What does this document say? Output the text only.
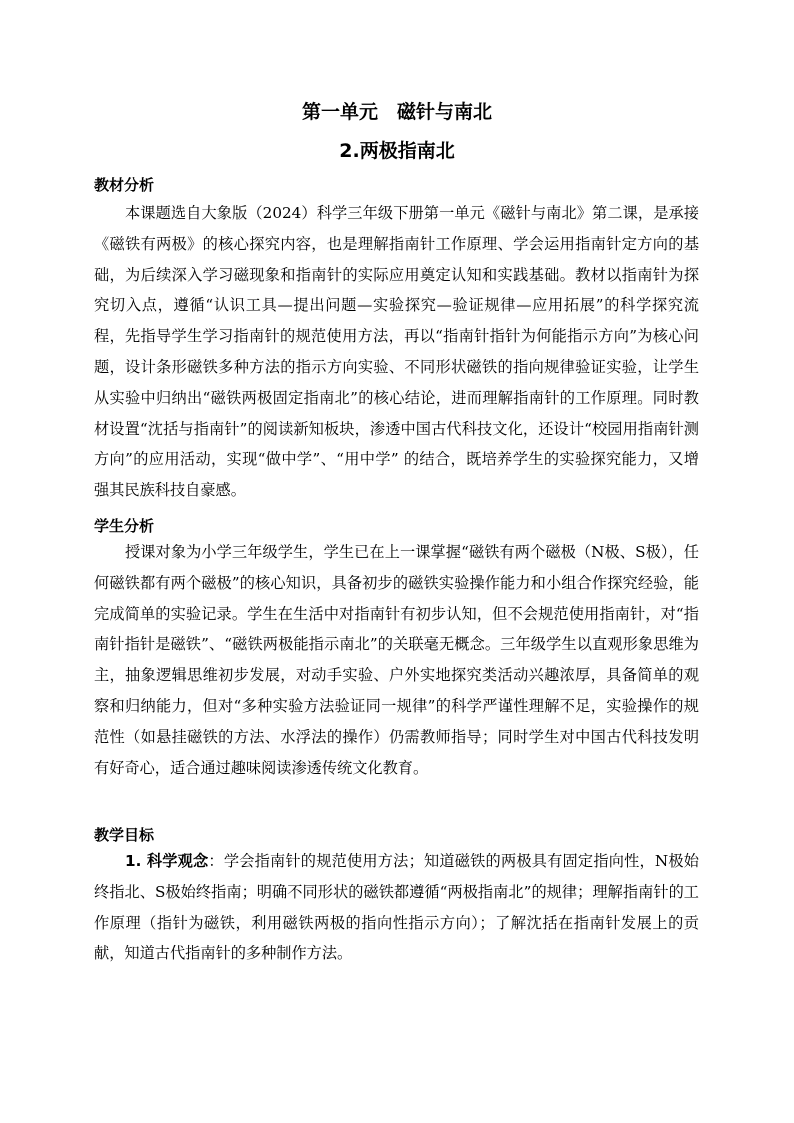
第一单元　磁针与南北
2.两极指南北
教材分析
本课题选自大象版（2024）科学三年级下册第一单元《磁针与南北》第二课，是承接《磁铁有两极》的核心探究内容，也是理解指南针工作原理、学会运用指南针定方向的基础，为后续深入学习磁现象和指南针的实际应用奠定认知和实践基础。教材以指南针为探究切入点，遵循“认识工具—提出问题—实验探究—验证规律—应用拓展”的科学探究流程，先指导学生学习指南针的规范使用方法，再以“指南针指针为何能指示方向”为核心问题，设计条形磁铁多种方法的指示方向实验、不同形状磁铁的指向规律验证实验，让学生从实验中归纳出“磁铁两极固定指南北”的核心结论，进而理解指南针的工作原理。同时教材设置“沈括与指南针”的阅读新知板块，渗透中国古代科技文化，还设计“校园用指南针测方向”的应用活动，实现“做中学”、“用中学” 的结合，既培养学生的实验探究能力，又增强其民族科技自豪感。
学生分析
授课对象为小学三年级学生，学生已在上一课掌握“磁铁有两个磁极（N极、S极），任何磁铁都有两个磁极”的核心知识，具备初步的磁铁实验操作能力和小组合作探究经验，能完成简单的实验记录。学生在生活中对指南针有初步认知，但不会规范使用指南针，对“指南针指针是磁铁”、“磁铁两极能指示南北”的关联毫无概念。三年级学生以直观形象思维为主，抽象逻辑思维初步发展，对动手实验、户外实地探究类活动兴趣浓厚，具备简单的观察和归纳能力，但对“多种实验方法验证同一规律”的科学严谨性理解不足，实验操作的规范性（如悬挂磁铁的方法、水浮法的操作）仍需教师指导；同时学生对中国古代科技发明有好奇心，适合通过趣味阅读渗透传统文化教育。
教学目标
1. 科学观念：学会指南针的规范使用方法；知道磁铁的两极具有固定指向性，N极始终指北、S极始终指南；明确不同形状的磁铁都遵循“两极指南北”的规律；理解指南针的工作原理（指针为磁铁，利用磁铁两极的指向性指示方向）；了解沈括在指南针发展上的贡献，知道古代指南针的多种制作方法。
